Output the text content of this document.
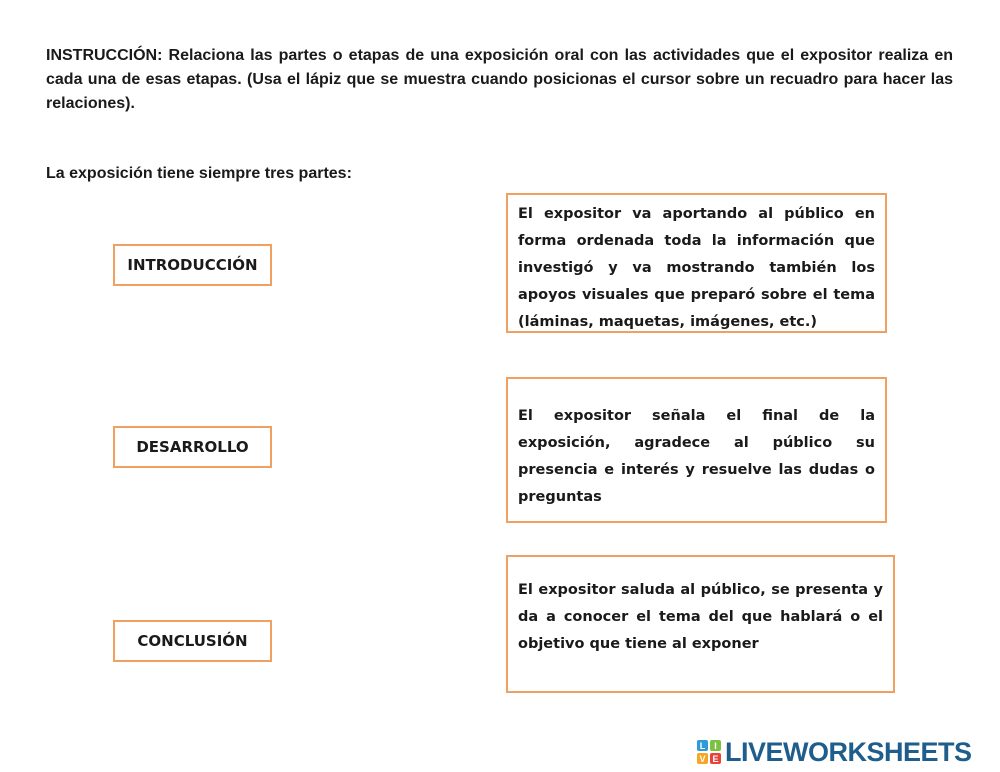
INSTRUCCIÓN: Relaciona las partes o etapas de una exposición oral con las actividades que el expositor realiza en cada una de esas etapas. (Usa el lápiz que se muestra cuando posicionas el cursor sobre un recuadro para hacer las relaciones).

La exposición tiene siempre tres partes:

INTRODUCCIÓN
DESARROLLO
CONCLUSIÓN
El expositor va aportando al público en forma ordenada toda la información que investigó y va mostrando también los apoyos visuales que preparó sobre el tema (láminas, maquetas, imágenes, etc.)
El expositor señala el final de la exposición, agradece al público su presencia e interés y resuelve las dudas o preguntas
El expositor saluda al público, se presenta y da a conocer el tema del que hablará o el objetivo que tiene al exponer
L I
V E LIVEWORKSHEETS
